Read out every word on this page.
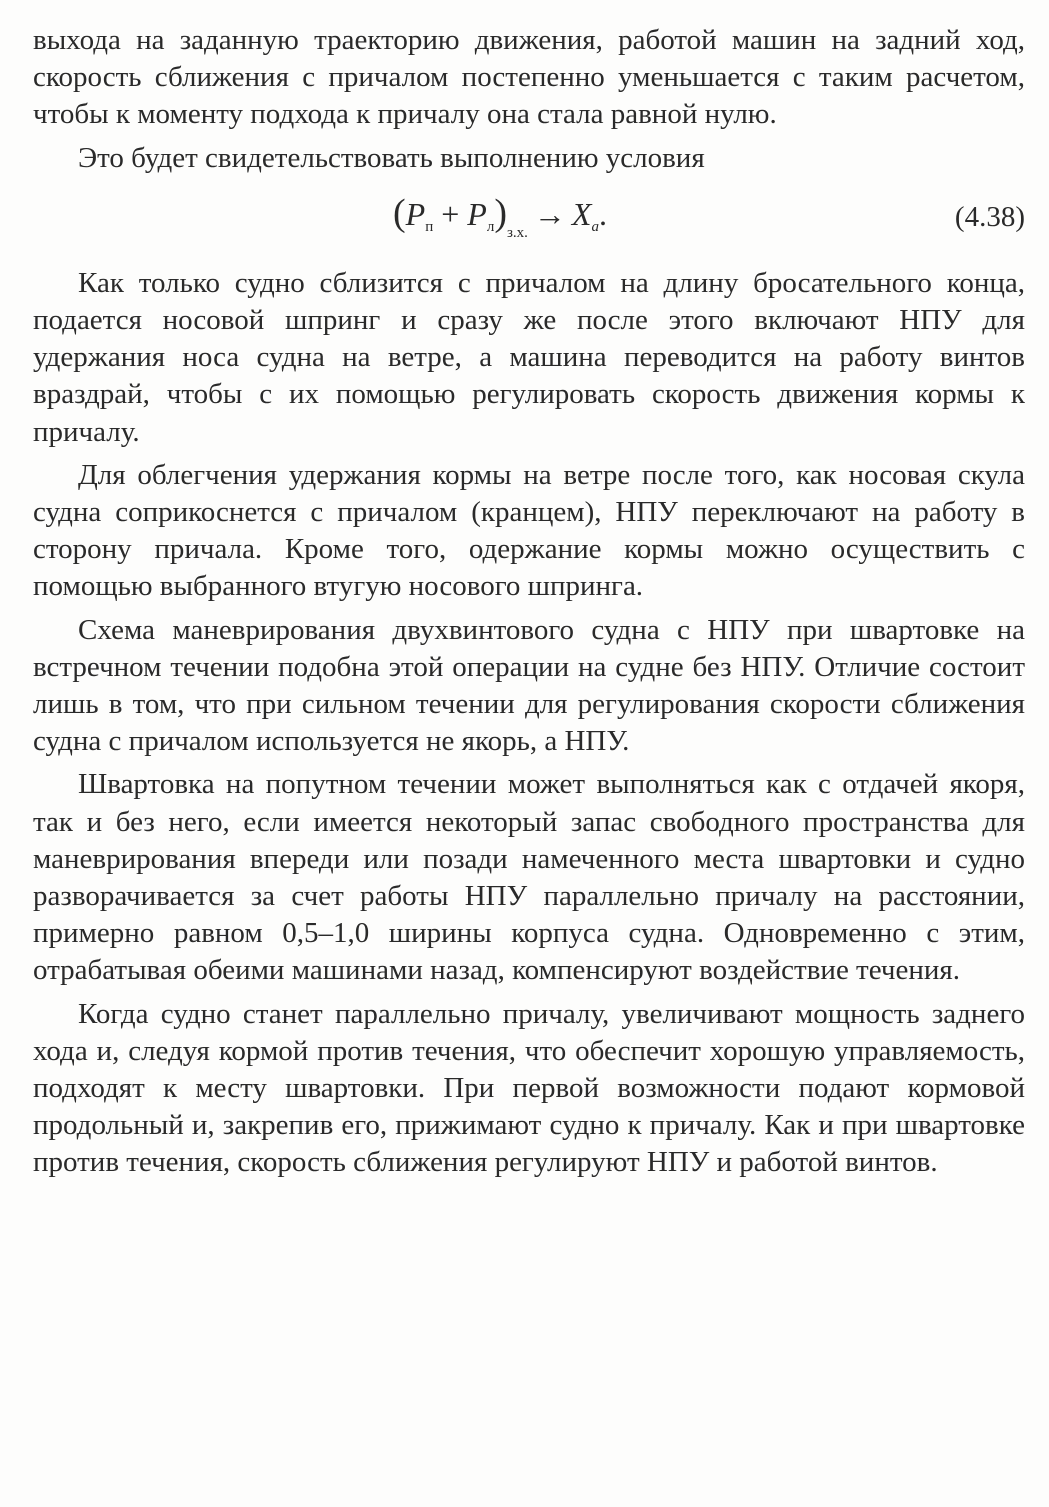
выхода на заданную траекторию движения, работой машин на задний ход, скорость сближения с причалом постепенно уменьшается с таким расчетом, чтобы к моменту подхода к причалу она стала равной нулю.

Это будет свидетельствовать выполнению условия

$(P_п + P_л)_{з.х.}\to X_a$.	(4.38)

Как только судно сблизится с причалом на длину бросательного конца, подается носовой шпринг и сразу же после этого включают НПУ для удержания носа судна на ветре, а машина переводится на работу винтов враздрай, чтобы с их помощью регулировать скорость движения кормы к причалу.

Для облегчения удержания кормы на ветре после того, как носовая скула судна соприкоснется с причалом (кранцем), НПУ переключают на работу в сторону причала. Кроме того, одержание кормы можно осуществить с помощью выбранного втугую носового шпринга.

Схема маневрирования двухвинтового судна с НПУ при швартовке на встречном течении подобна этой операции на судне без НПУ. Отличие состоит лишь в том, что при сильном течении для регулирования скорости сближения судна с причалом используется не якорь, а НПУ.

Швартовка на попутном течении может выполняться как с отдачей якоря, так и без него, если имеется некоторый запас свободного пространства для маневрирования впереди или позади намеченного места швартовки и судно разворачивается за счет работы НПУ параллельно причалу на расстоянии, примерно равном 0,5–1,0 ширины корпуса судна. Одновременно с этим, отрабатывая обеими машинами назад, компенсируют воздействие течения.

Когда судно станет параллельно причалу, увеличивают мощность заднего хода и, следуя кормой против течения, что обеспечит хорошую управляемость, подходят к месту швартовки. При первой возможности подают кормовой продольный и, закрепив его, прижимают судно к причалу. Как и при швартовке против течения, скорость сближения регулируют НПУ и работой винтов.
